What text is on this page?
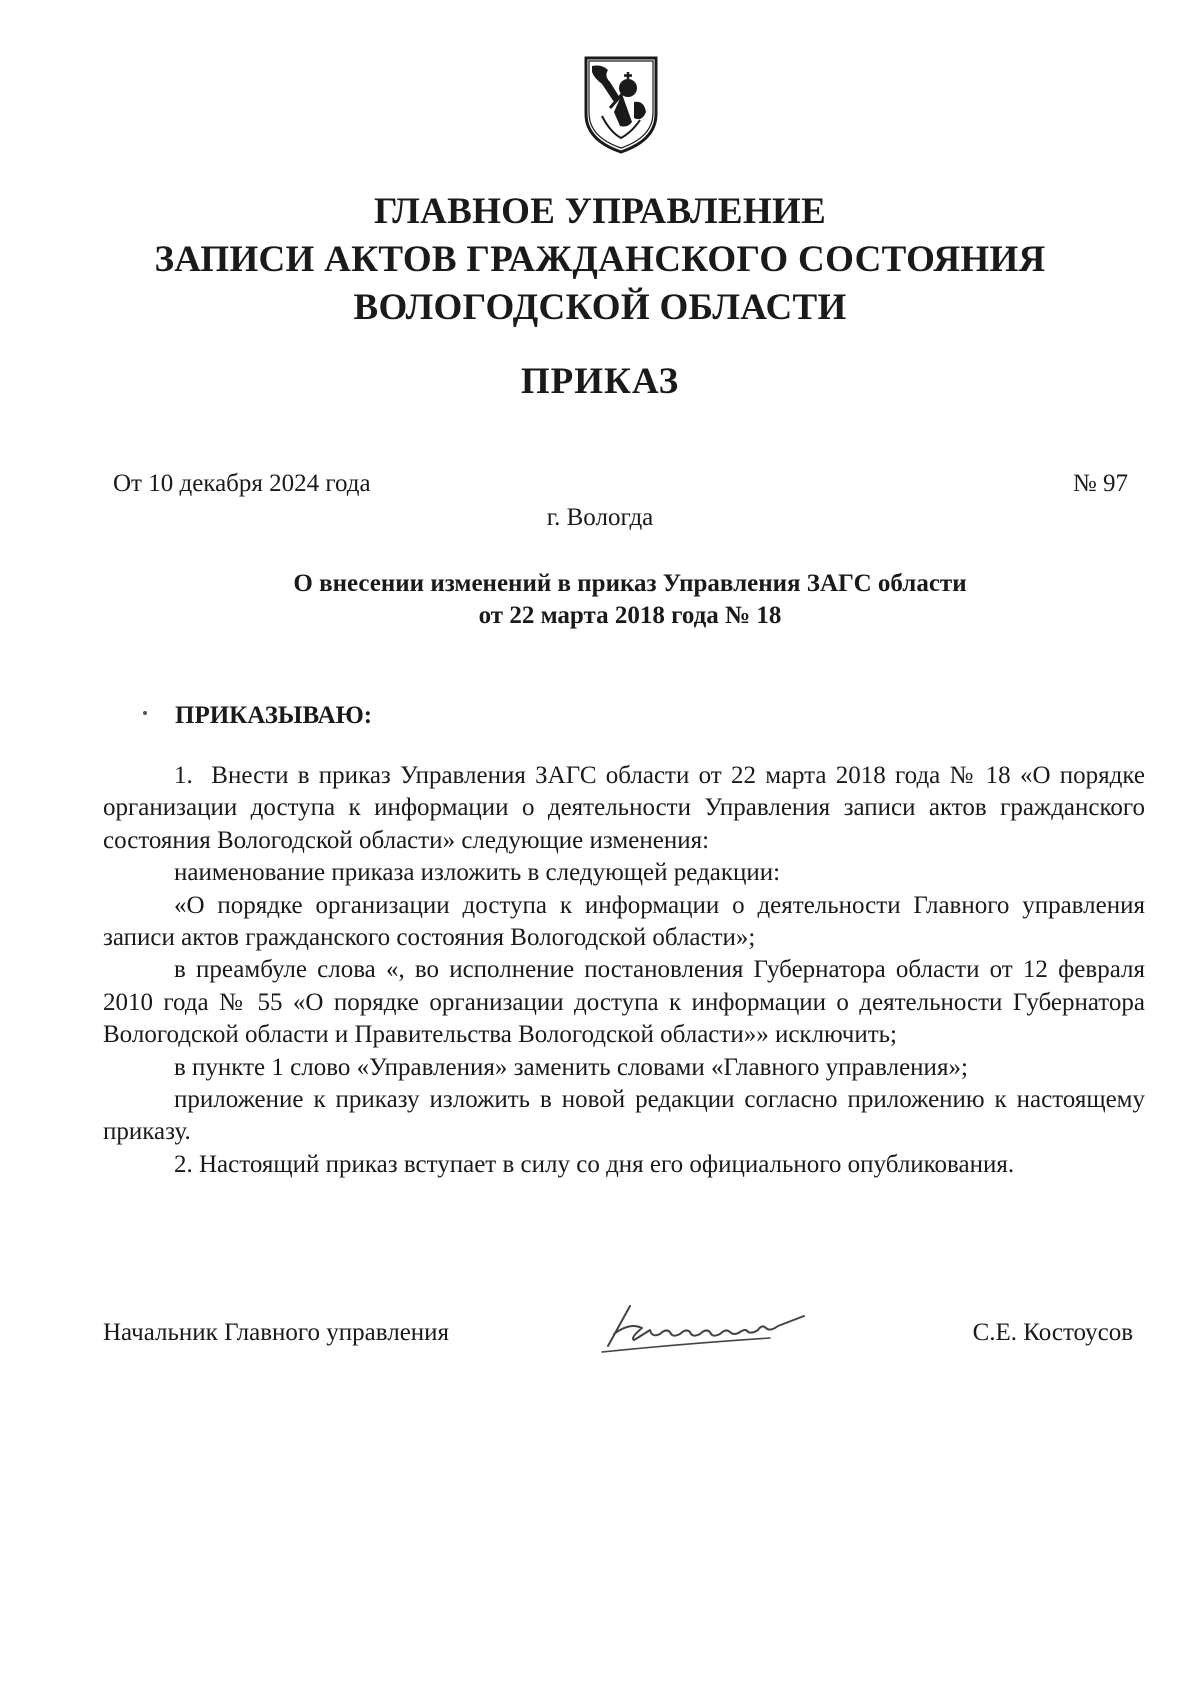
ГЛАВНОЕ УПРАВЛЕНИЕ
ЗАПИСИ АКТОВ ГРАЖДАНСКОГО СОСТОЯНИЯ
ВОЛОГОДСКОЙ ОБЛАСТИ
ПРИКАЗ
От 10 декабря 2024 года	№ 97
г. Вологда
О внесении изменений в приказ Управления ЗАГС области
от 22 марта 2018 года № 18
ПРИКАЗЫВАЮ:

1.  Внести в приказ Управления ЗАГС области от 22 марта 2018 года № 18 «О порядке организации доступа к информации о деятельности Управления записи актов гражданского состояния Вологодской области» следующие изменения:

наименование приказа изложить в следующей редакции:

«О порядке организации доступа к информации о деятельности Главного управления записи актов гражданского состояния Вологодской области»;

в преамбуле слова «, во исполнение постановления Губернатора области от 12 февраля 2010 года № 55 «О порядке организации доступа к информации о деятельности Губернатора Вологодской области и Правительства Вологодской области»» исключить;

в пункте 1 слово «Управления» заменить словами «Главного управления»;

приложение к приказу изложить в новой редакции согласно приложению к настоящему приказу.

2. Настоящий приказ вступает в силу со дня его официального опубликования.

Начальник Главного управления	С.Е. Костоусов
